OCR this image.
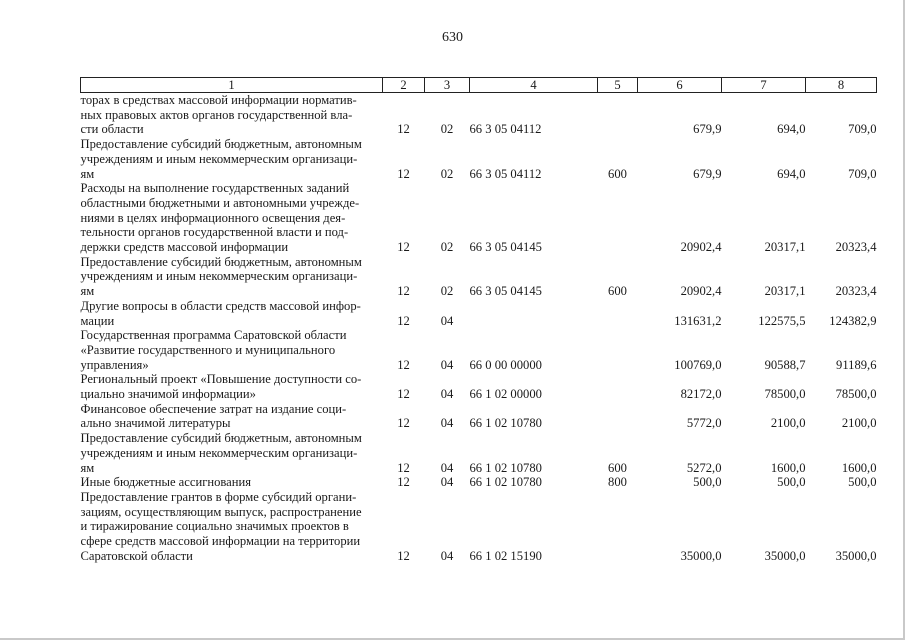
630
1	2	3	4	5	6	7	8

торах в средствах массовой информации норматив-
ных правовых актов органов государственной вла-
сти области	12	02	66 3 05 04112		679,9	694,0	709,0

Предоставление субсидий бюджетным, автономным
учреждениям и иным некоммерческим организаци-
ям	12	02	66 3 05 04112	600	679,9	694,0	709,0

Расходы на выполнение государственных заданий
областными бюджетными и автономными учрежде-
ниями в целях информационного освещения дея-
тельности органов государственной власти и под-
держки средств массовой информации	12	02	66 3 05 04145		20902,4	20317,1	20323,4

Предоставление субсидий бюджетным, автономным
учреждениям и иным некоммерческим организаци-
ям	12	02	66 3 05 04145	600	20902,4	20317,1	20323,4

Другие вопросы в области средств массовой инфор-
мации	12	04			131631,2	122575,5	124382,9

Государственная программа Саратовской области
«Развитие государственного и муниципального
управления»	12	04	66 0 00 00000		100769,0	90588,7	91189,6

Региональный проект «Повышение доступности со-
циально значимой информации»	12	04	66 1 02 00000		82172,0	78500,0	78500,0

Финансовое обеспечение затрат на издание соци-
ально значимой литературы	12	04	66 1 02 10780		5772,0	2100,0	2100,0

Предоставление субсидий бюджетным, автономным
учреждениям и иным некоммерческим организаци-
ям	12	04	66 1 02 10780	600	5272,0	1600,0	1600,0

Иные бюджетные ассигнования	12	04	66 1 02 10780	800	500,0	500,0	500,0

Предоставление грантов в форме субсидий органи-
зациям, осуществляющим выпуск, распространение
и тиражирование социально значимых проектов в
сфере средств массовой информации на территории
Саратовской области	12	04	66 1 02 15190		35000,0	35000,0	35000,0
